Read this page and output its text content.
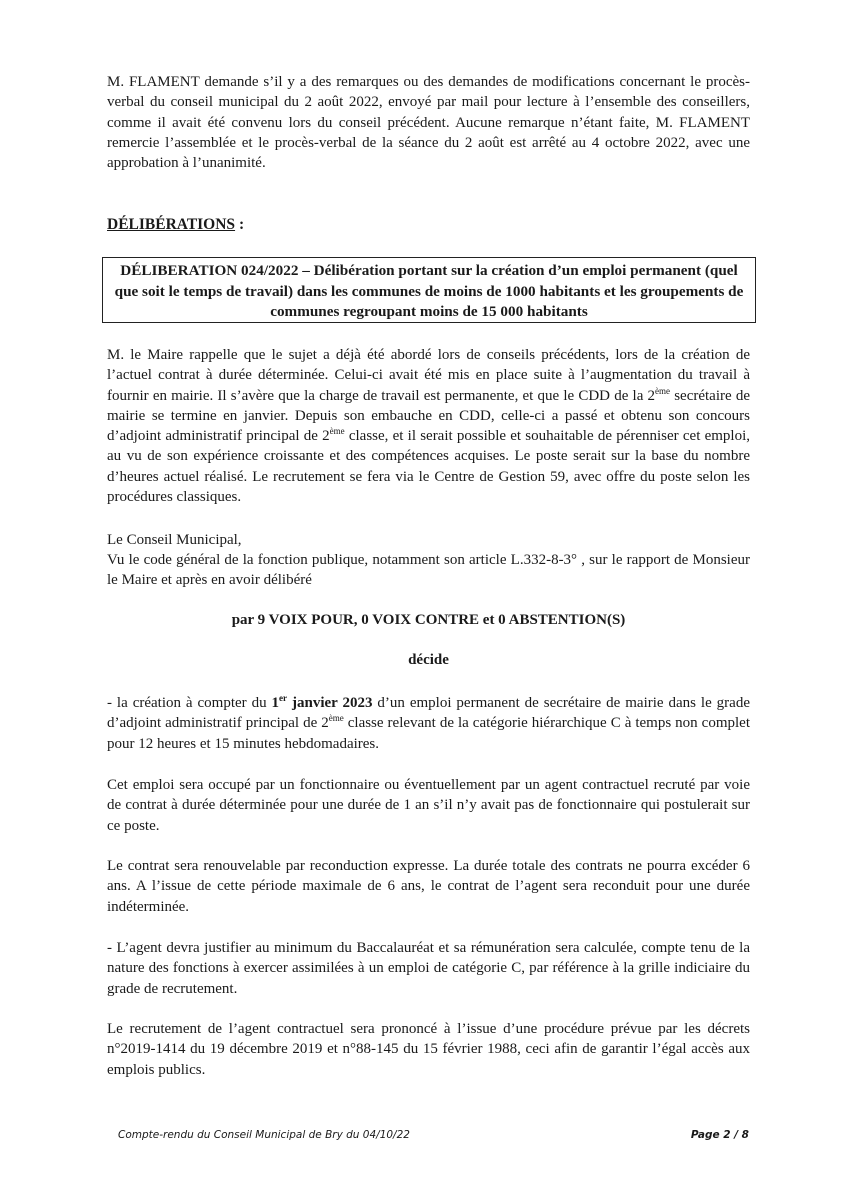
M. FLAMENT demande s’il y a des remarques ou des demandes de modifications concernant le procès-verbal du conseil municipal du 2 août 2022, envoyé par mail pour lecture à l’ensemble des conseillers, comme il avait été convenu lors du conseil précédent. Aucune remarque n’étant faite, M. FLAMENT remercie l’assemblée et le procès-verbal de la séance du 2 août est arrêté au 4 octobre 2022, avec une approbation à l’unanimité.

DÉLIBÉRATIONS :

DÉLIBERATION 024/2022 – Délibération portant sur la création d’un emploi permanent (quel que soit le temps de travail) dans les communes de moins de 1000 habitants et les groupements de communes regroupant moins de 15 000 habitants

M. le Maire rappelle que le sujet a déjà été abordé lors de conseils précédents, lors de la création de l’actuel contrat à durée déterminée. Celui-ci avait été mis en place suite à l’augmentation du travail à fournir en mairie. Il s’avère que la charge de travail est permanente, et que le CDD de la 2ème secrétaire de mairie se termine en janvier. Depuis son embauche en CDD, celle-ci a passé et obtenu son concours d’adjoint administratif principal de 2ème classe, et il serait possible et souhaitable de pérenniser cet emploi, au vu de son expérience croissante et des compétences acquises. Le poste serait sur la base du nombre d’heures actuel réalisé. Le recrutement se fera via le Centre de Gestion 59, avec offre du poste selon les procédures classiques.

Le Conseil Municipal,

Vu le code général de la fonction publique, notamment son article L.332-8-3° , sur le rapport de Monsieur le Maire et après en avoir délibéré

par 9 VOIX POUR, 0 VOIX CONTRE et 0 ABSTENTION(S)

décide

- la création à compter du 1er janvier 2023 d’un emploi permanent de secrétaire de mairie dans le grade d’adjoint administratif principal de 2ème classe relevant de la catégorie hiérarchique C à temps non complet pour 12 heures et 15 minutes hebdomadaires.

Cet emploi sera occupé par un fonctionnaire ou éventuellement par un agent contractuel recruté par voie de contrat à durée déterminée pour une durée de 1 an s’il n’y avait pas de fonctionnaire qui postulerait sur ce poste.

Le contrat sera renouvelable par reconduction expresse. La durée totale des contrats ne pourra excéder 6 ans. A l’issue de cette période maximale de 6 ans, le contrat de l’agent sera reconduit pour une durée indéterminée.

- L’agent devra justifier au minimum du Baccalauréat et sa rémunération sera calculée, compte tenu de la nature des fonctions à exercer assimilées à un emploi de catégorie C, par référence à la grille indiciaire du grade de recrutement.

Le recrutement de l’agent contractuel sera prononcé à l’issue d’une procédure prévue par les décrets n°2019-1414 du 19 décembre 2019 et n°88-145 du 15 février 1988, ceci afin de garantir l’égal accès aux emplois publics.

Compte-rendu du Conseil Municipal de Bry du 04/10/22	Page 2 / 8
